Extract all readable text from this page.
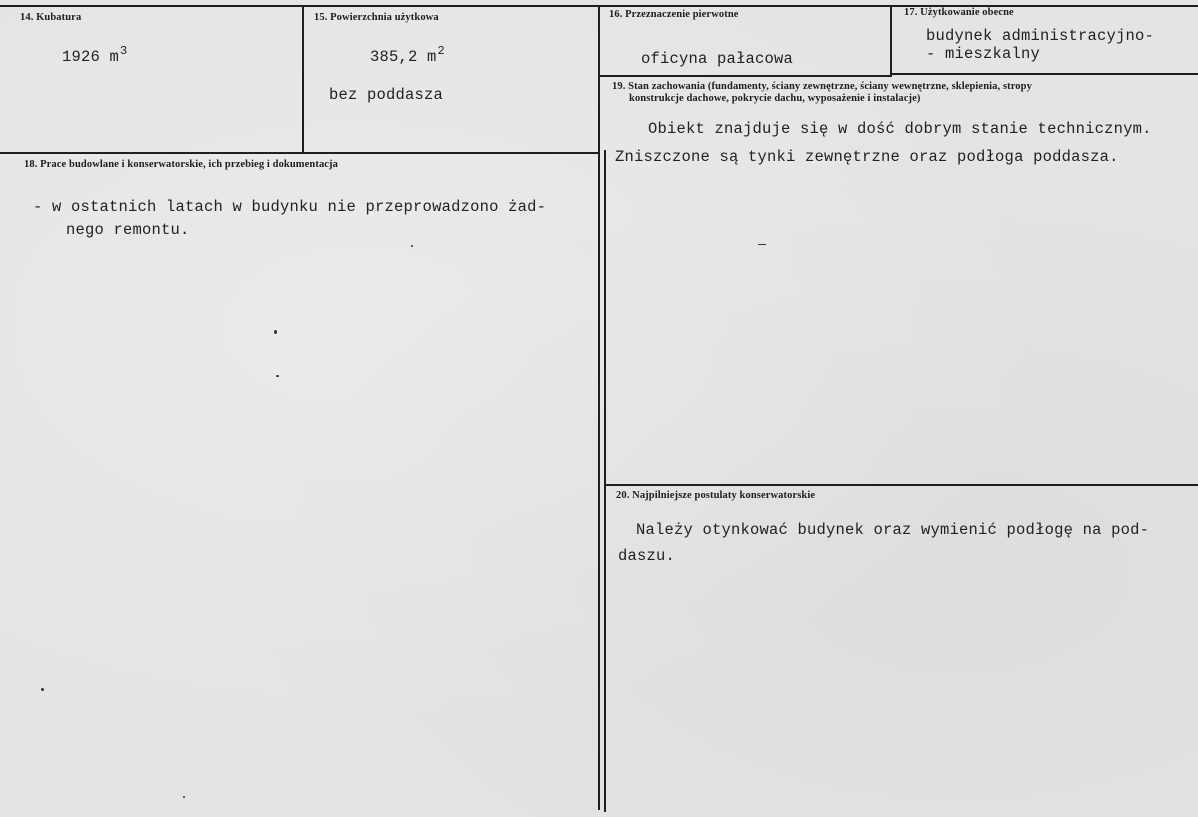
14. Kubatura
1926 $m^3$
15. Powierzchnia użytkowa
385,2 $m^2$
bez poddasza
16. Przeznaczenie pierwotne
oficyna pałacowa
17. Użytkowanie obecne
budynek administracyjno-
- mieszkalny
18. Prace budowlane i konserwatorskie, ich przebieg i dokumentacja
- w ostatnich latach w budynku nie przeprowadzono żad-
nego remontu.
19. Stan zachowania (fundamenty, ściany zewnętrzne, ściany wewnętrzne, sklepienia, stropy
konstrukcje dachowe, pokrycie dachu, wyposażenie i instalacje)
Obiekt znajduje się w dość dobrym stanie technicznym.
Zniszczone są tynki zewnętrzne oraz podłoga poddasza.
20. Najpilniejsze postulaty konserwatorskie
Należy otynkować budynek oraz wymienić podłogę na pod-
daszu.
